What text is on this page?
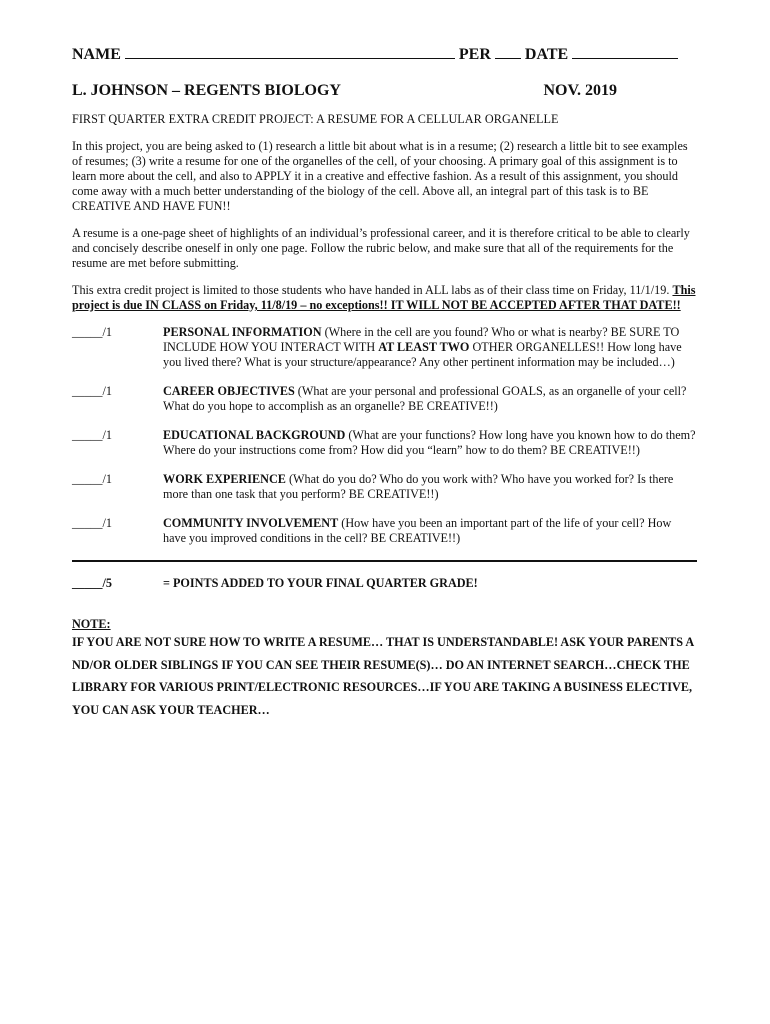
NAME	PER DATE
L. JOHNSON – REGENTS BIOLOGY	NOV. 2019
FIRST QUARTER EXTRA CREDIT PROJECT: A RESUME FOR A CELLULAR ORGANELLE

In this project, you are being asked to (1) research a little bit about what is in a resume; (2) research a little bit to see examples of resumes; (3) write a resume for one of the organelles of the cell, of your choosing. A primary goal of this assignment is to learn more about the cell, and also to APPLY it in a creative and effective fashion. As a result of this assignment, you should come away with a much better understanding of the biology of the cell. Above all, an integral part of this task is to BE CREATIVE AND HAVE FUN!!

A resume is a one-page sheet of highlights of an individual’s professional career, and it is therefore critical to be able to clearly and concisely describe oneself in only one page. Follow the rubric below, and make sure that all of the requirements for the resume are met before submitting.

This extra credit project is limited to those students who have handed in ALL labs as of their class time on Friday, 11/1/19. This project is due IN CLASS on Friday, 11/8/19 – no exceptions!! IT WILL NOT BE ACCEPTED AFTER THAT DATE!!

_____/1	PERSONAL INFORMATION (Where in the cell are you found? Who or what is nearby? BE SURE TO INCLUDE HOW YOU INTERACT WITH AT LEAST TWO OTHER ORGANELLES!! How long have you lived there? What is your structure/appearance? Any other pertinent information may be included…)
_____/1	CAREER OBJECTIVES (What are your personal and professional GOALS, as an organelle of your cell? What do you hope to accomplish as an organelle? BE CREATIVE!!)
_____/1	EDUCATIONAL BACKGROUND (What are your functions? How long have you known how to do them? Where do your instructions come from? How did you “learn” how to do them? BE CREATIVE!!)
_____/1	WORK EXPERIENCE (What do you do? Who do you work with? Who have you worked for? Is there more than one task that you perform? BE CREATIVE!!)
_____/1	COMMUNITY INVOLVEMENT (How have you been an important part of the life of your cell? How have you improved conditions in the cell? BE CREATIVE!!)
_____/5	= POINTS ADDED TO YOUR FINAL QUARTER GRADE!
NOTE:
IF YOU ARE NOT SURE HOW TO WRITE A RESUME… THAT IS UNDERSTANDABLE! ASK YOUR PARENTS AND/OR OLDER SIBLINGS IF YOU CAN SEE THEIR RESUME(S)… DO AN INTERNET SEARCH…CHECK THE LIBRARY FOR VARIOUS PRINT/ELECTRONIC RESOURCES…IF YOU ARE TAKING A BUSINESS ELECTIVE, YOU CAN ASK YOUR TEACHER…
